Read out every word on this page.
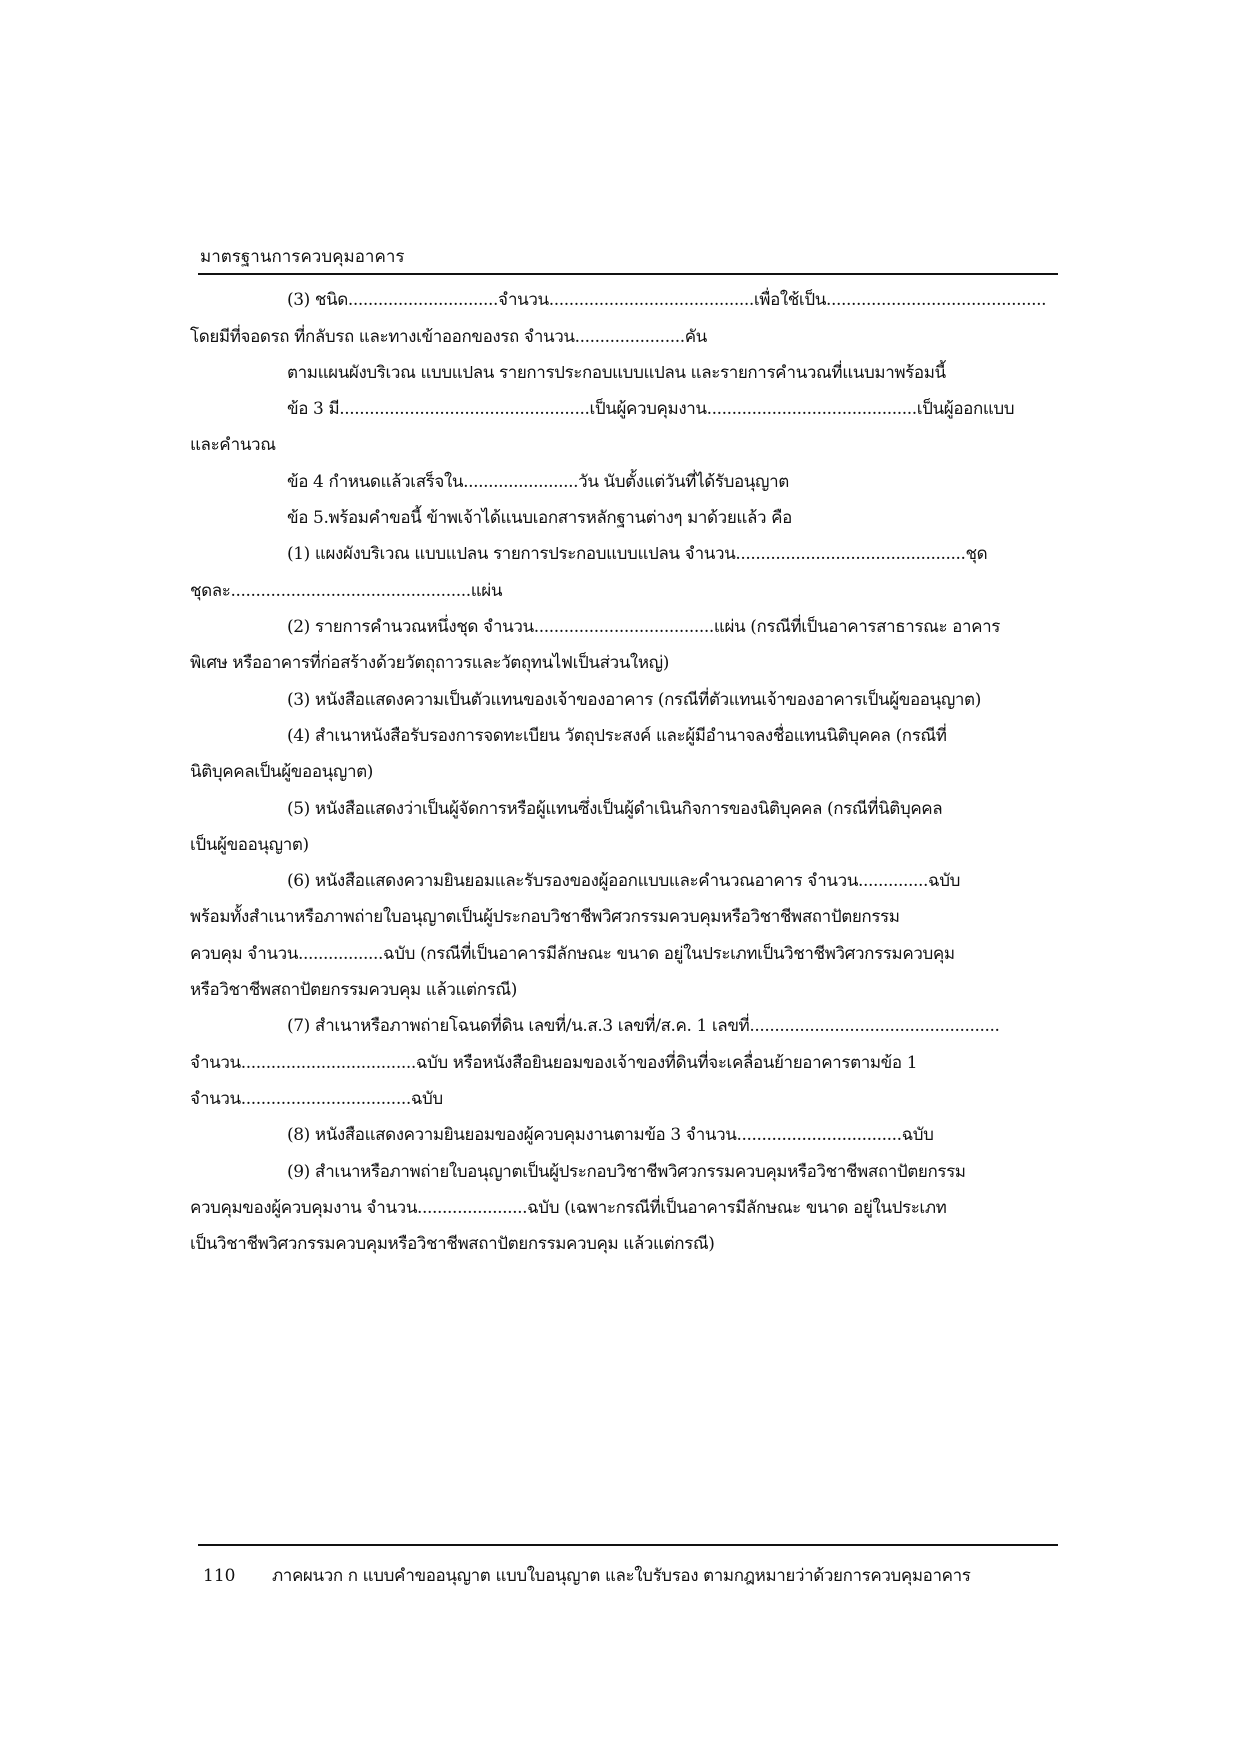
มาตรฐานการควบคุมอาคาร
(3) ชนิด..............................จำนวน.........................................เพื่อใช้เป็น............................................
โดยมีที่จอดรถ ที่กลับรถ และทางเข้าออกของรถ จำนวน......................คัน
ตามแผนผังบริเวณ แบบแปลน รายการประกอบแบบแปลน และรายการคำนวณที่แนบมาพร้อมนี้
ข้อ 3 มี..................................................เป็นผู้ควบคุมงาน..........................................เป็นผู้ออกแบบ
และคำนวณ
ข้อ 4 กำหนดแล้วเสร็จใน.......................วัน นับตั้งแต่วันที่ได้รับอนุญาต
ข้อ 5.พร้อมคำขอนี้ ข้าพเจ้าได้แนบเอกสารหลักฐานต่างๆ มาด้วยแล้ว คือ
(1) แผงผังบริเวณ แบบแปลน รายการประกอบแบบแปลน จำนวน..............................................ชุด
ชุดละ................................................แผ่น
(2) รายการคำนวณหนึ่งชุด จำนวน....................................แผ่น (กรณีที่เป็นอาคารสาธารณะ อาคาร
พิเศษ หรืออาคารที่ก่อสร้างด้วยวัตถุถาวรและวัตถุทนไฟเป็นส่วนใหญ่)
(3) หนังสือแสดงความเป็นตัวแทนของเจ้าของอาคาร (กรณีที่ตัวแทนเจ้าของอาคารเป็นผู้ขออนุญาต)
(4) สำเนาหนังสือรับรองการจดทะเบียน วัตถุประสงค์ และผู้มีอำนาจลงชื่อแทนนิติบุคคล (กรณีที่
นิติบุคคลเป็นผู้ขออนุญาต)
(5) หนังสือแสดงว่าเป็นผู้จัดการหรือผู้แทนซึ่งเป็นผู้ดำเนินกิจการของนิติบุคคล (กรณีที่นิติบุคคล
เป็นผู้ขออนุญาต)
(6) หนังสือแสดงความยินยอมและรับรองของผู้ออกแบบและคำนวณอาคาร จำนวน..............ฉบับ
พร้อมทั้งสำเนาหรือภาพถ่ายใบอนุญาตเป็นผู้ประกอบวิชาชีพวิศวกรรมควบคุมหรือวิชาชีพสถาปัตยกรรม
ควบคุม จำนวน.................ฉบับ (กรณีที่เป็นอาคารมีลักษณะ ขนาด อยู่ในประเภทเป็นวิชาชีพวิศวกรรมควบคุม
หรือวิชาชีพสถาปัตยกรรมควบคุม แล้วแต่กรณี)
(7) สำเนาหรือภาพถ่ายโฉนดที่ดิน เลขที่/น.ส.3 เลขที่/ส.ค. 1 เลขที่..................................................
จำนวน...................................ฉบับ หรือหนังสือยินยอมของเจ้าของที่ดินที่จะเคลื่อนย้ายอาคารตามข้อ 1
จำนวน..................................ฉบับ
(8) หนังสือแสดงความยินยอมของผู้ควบคุมงานตามข้อ 3 จำนวน.................................ฉบับ
(9) สำเนาหรือภาพถ่ายใบอนุญาตเป็นผู้ประกอบวิชาชีพวิศวกรรมควบคุมหรือวิชาชีพสถาปัตยกรรม
ควบคุมของผู้ควบคุมงาน จำนวน......................ฉบับ (เฉพาะกรณีที่เป็นอาคารมีลักษณะ ขนาด อยู่ในประเภท
เป็นวิชาชีพวิศวกรรมควบคุมหรือวิชาชีพสถาปัตยกรรมควบคุม แล้วแต่กรณี)
110 ภาคผนวก ก แบบคำขออนุญาต แบบใบอนุญาต และใบรับรอง ตามกฎหมายว่าด้วยการควบคุมอาคาร
